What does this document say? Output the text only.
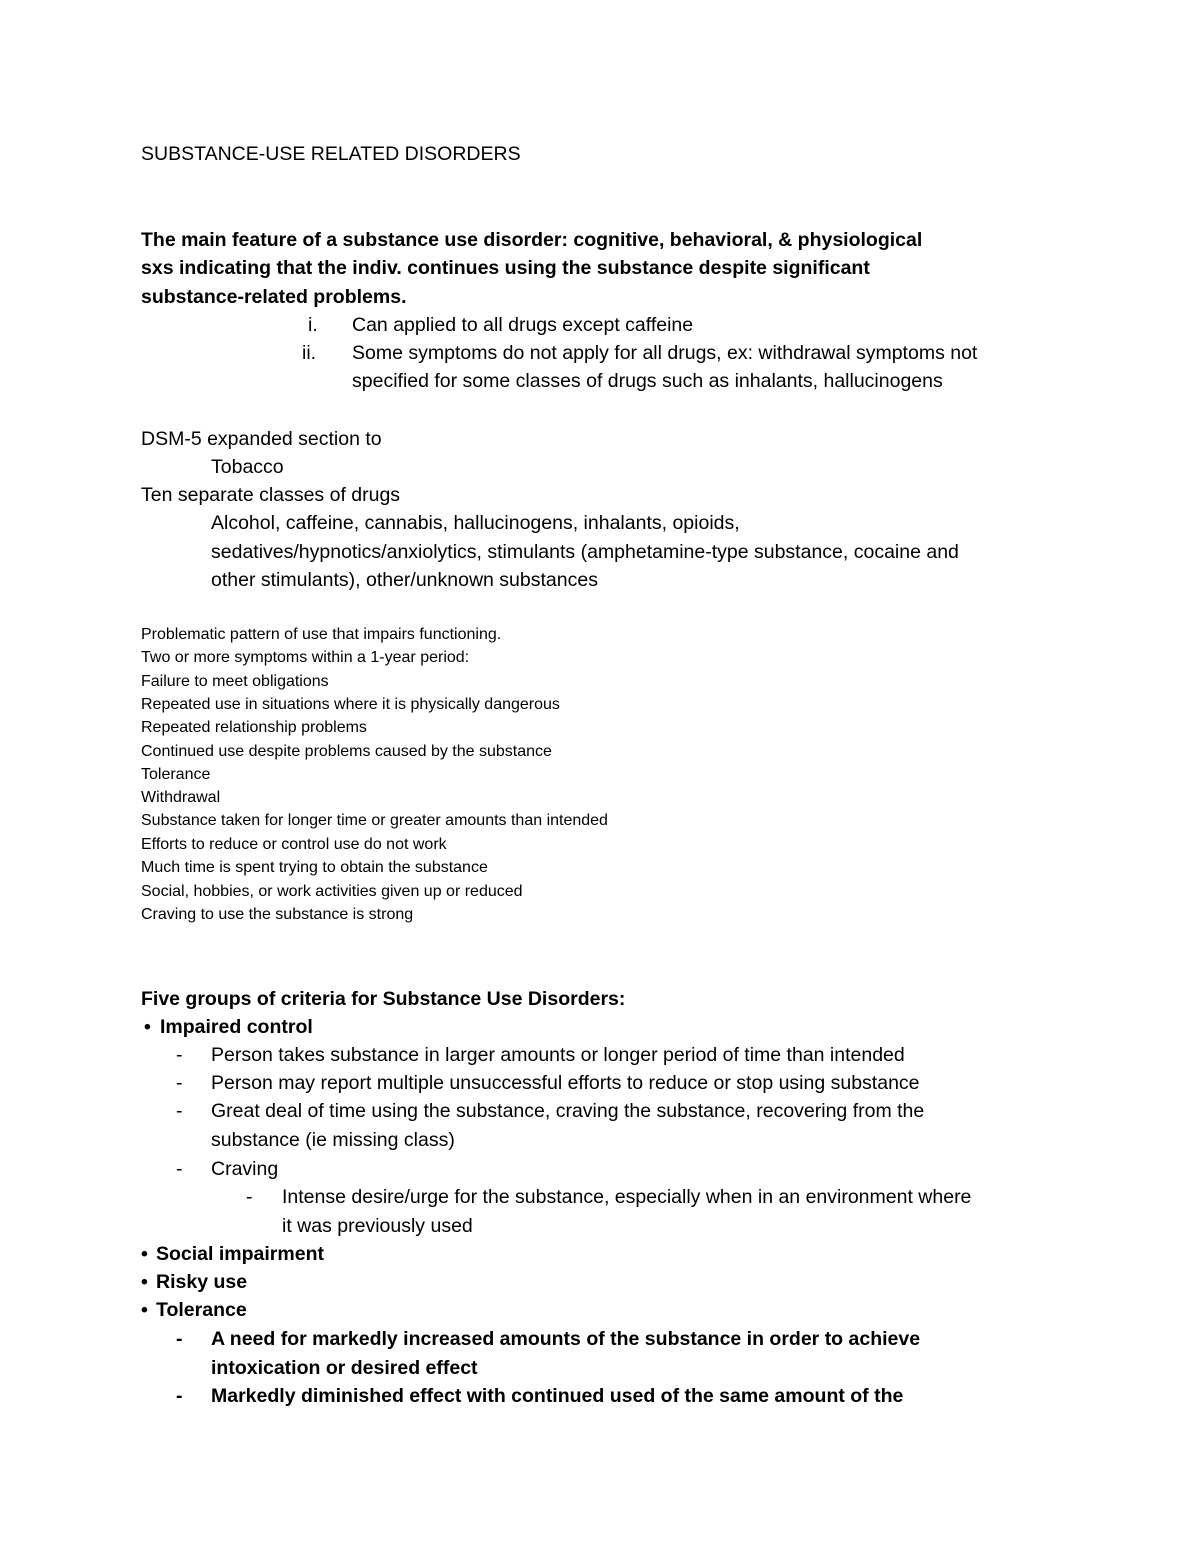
SUBSTANCE-USE RELATED DISORDERS
The main feature of a substance use disorder: cognitive, behavioral, & physiological
sxs indicating that the indiv. continues using the substance despite significant
substance-related problems.
i. Can applied to all drugs except caffeine
ii. Some symptoms do not apply for all drugs, ex: withdrawal symptoms not
specified for some classes of drugs such as inhalants, hallucinogens
DSM-5 expanded section to
Tobacco
Ten separate classes of drugs
Alcohol, caffeine, cannabis, hallucinogens, inhalants, opioids,
sedatives/hypnotics/anxiolytics, stimulants (amphetamine-type substance, cocaine and
other stimulants), other/unknown substances
Problematic pattern of use that impairs functioning.
Two or more symptoms within a 1-year period:
Failure to meet obligations
Repeated use in situations where it is physically dangerous
Repeated relationship problems
Continued use despite problems caused by the substance
Tolerance
Withdrawal
Substance taken for longer time or greater amounts than intended
Efforts to reduce or control use do not work
Much time is spent trying to obtain the substance
Social, hobbies, or work activities given up or reduced
Craving to use the substance is strong
Five groups of criteria for Substance Use Disorders:
• Impaired control
- Person takes substance in larger amounts or longer period of time than intended
- Person may report multiple unsuccessful efforts to reduce or stop using substance
- Great deal of time using the substance, craving the substance, recovering from the
substance (ie missing class)
- Craving
- Intense desire/urge for the substance, especially when in an environment where
it was previously used
• Social impairment
• Risky use
• Tolerance
- A need for markedly increased amounts of the substance in order to achieve
intoxication or desired effect
- Markedly diminished effect with continued used of the same amount of the
